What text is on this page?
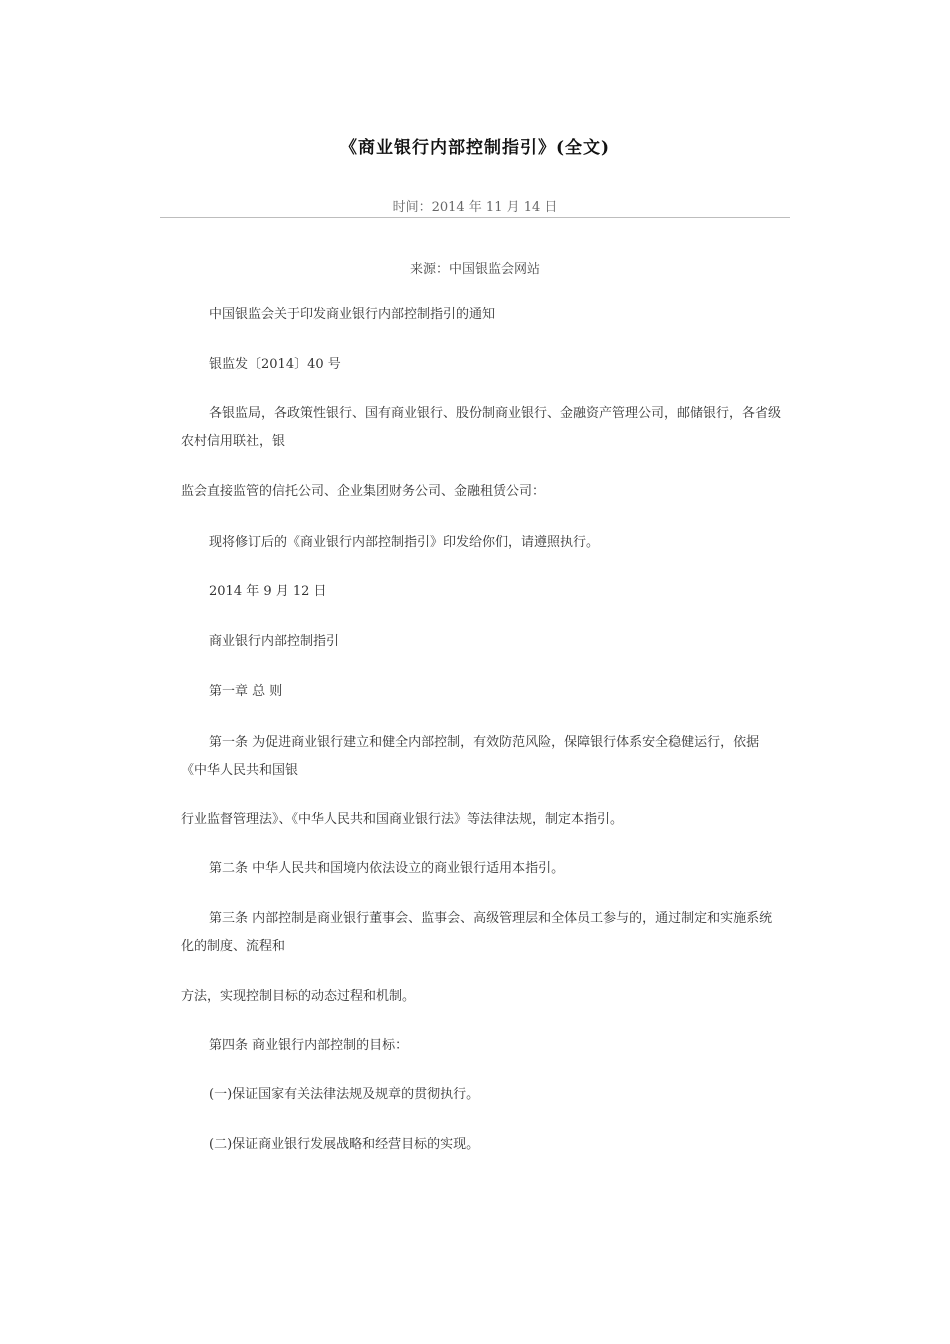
《商业银行内部控制指引》(全文)
时间：2014 年 11 月 14 日
来源：中国银监会网站

中国银监会关于印发商业银行内部控制指引的通知

银监发〔2014〕40 号

各银监局，各政策性银行、国有商业银行、股份制商业银行、金融资产管理公司，邮储银行，各省级农村信用联社，银

监会直接监管的信托公司、企业集团财务公司、金融租赁公司：

现将修订后的《商业银行内部控制指引》印发给你们，请遵照执行。

2014 年 9 月 12 日

商业银行内部控制指引

第一章 总 则

第一条 为促进商业银行建立和健全内部控制，有效防范风险，保障银行体系安全稳健运行，依据《中华人民共和国银

行业监督管理法》、《中华人民共和国商业银行法》等法律法规，制定本指引。

第二条 中华人民共和国境内依法设立的商业银行适用本指引。

第三条 内部控制是商业银行董事会、监事会、高级管理层和全体员工参与的，通过制定和实施系统化的制度、流程和

方法，实现控制目标的动态过程和机制。

第四条 商业银行内部控制的目标：

(一)保证国家有关法律法规及规章的贯彻执行。

(二)保证商业银行发展战略和经营目标的实现。
